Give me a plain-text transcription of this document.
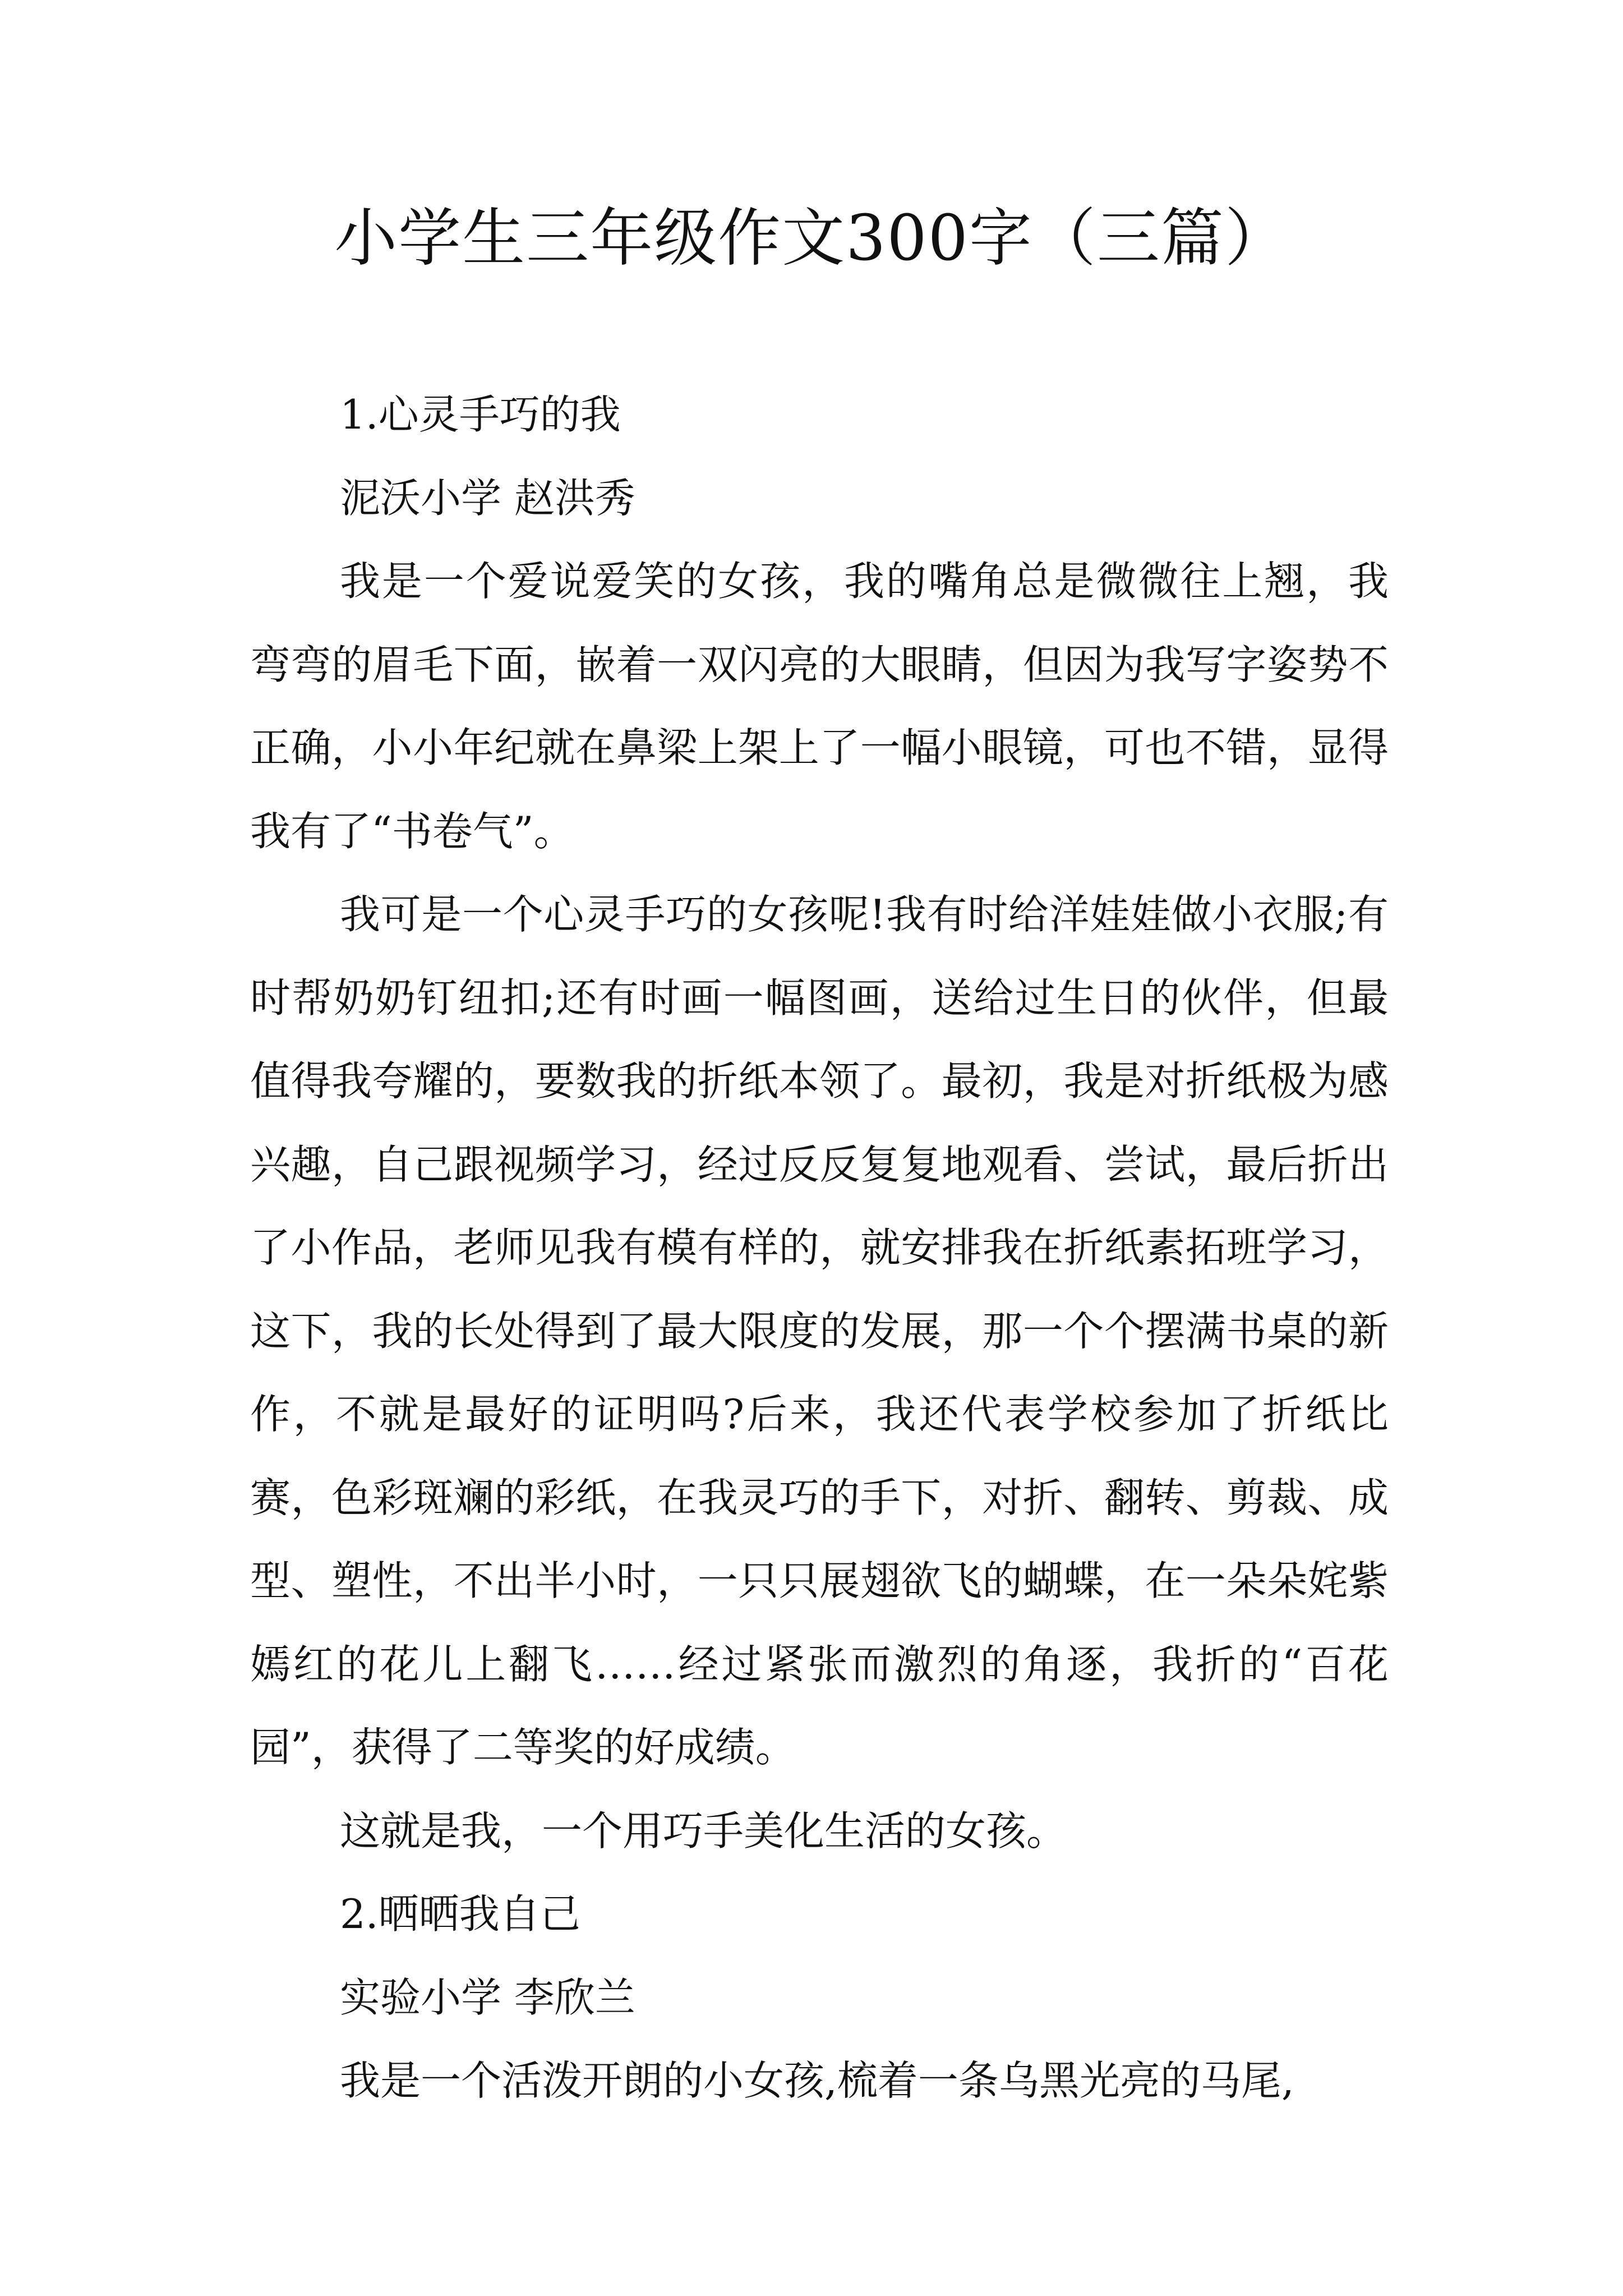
小学生三年级作文300字（三篇）

1.心灵手巧的我

泥沃小学 赵洪秀

我是一个爱说爱笑的女孩，我的嘴角总是微微往上翘，我弯弯的眉毛下面，嵌着一双闪亮的大眼睛，但因为我写字姿势不正确，小小年纪就在鼻梁上架上了一幅小眼镜，可也不错，显得我有了“书卷气”。

我可是一个心灵手巧的女孩呢!我有时给洋娃娃做小衣服;有时帮奶奶钉纽扣;还有时画一幅图画，送给过生日的伙伴，但最值得我夸耀的，要数我的折纸本领了。最初，我是对折纸极为感兴趣，自己跟视频学习，经过反反复复地观看、尝试，最后折出了小作品，老师见我有模有样的，就安排我在折纸素拓班学习，这下，我的长处得到了最大限度的发展，那一个个摆满书桌的新作，不就是最好的证明吗?后来，我还代表学校参加了折纸比赛，色彩斑斓的彩纸，在我灵巧的手下，对折、翻转、剪裁、成型、塑性，不出半小时，一只只展翅欲飞的蝴蝶，在一朵朵姹紫嫣红的花儿上翻飞……经过紧张而激烈的角逐，我折的“百花园”，获得了二等奖的好成绩。

这就是我，一个用巧手美化生活的女孩。

2.晒晒我自己

实验小学 李欣兰

我是一个活泼开朗的小女孩,梳着一条乌黑光亮的马尾,
